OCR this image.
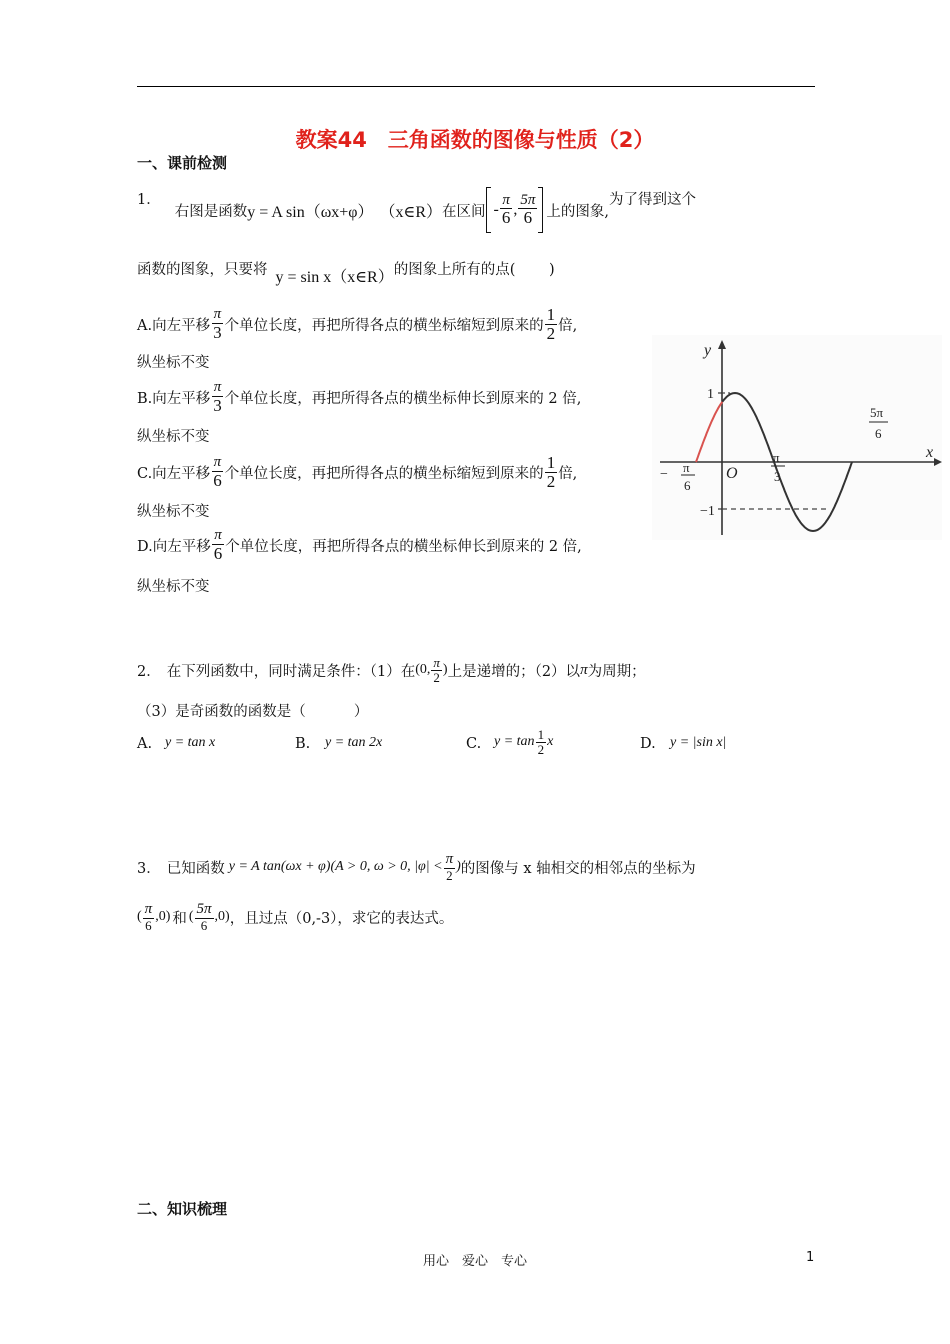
教案44　三角函数的图像与性质（2）
一、课前检测
1．
右图是函数 y = A sin（ωx+φ） （x∈R） 在区间 - $\frac{\pi}{6}$ , $\frac{5\pi}{6}$ 上的图象,
为了得到这个
函数的图象，只要将 y = sin x（x∈R） 的图象上所有的点(　　 )
A.向左平移 $\frac{\pi}{3}$ 个单位长度，再把所得各点的横坐标缩短到原来的 $\frac{1}{2}$ 倍,
纵坐标不变
B.向左平移 $\frac{\pi}{3}$ 个单位长度，再把所得各点的横坐标伸长到原来的 2 倍,
纵坐标不变
C.向左平移 $\frac{\pi}{6}$ 个单位长度，再把所得各点的横坐标缩短到原来的 $\frac{1}{2}$ 倍,
纵坐标不变
D.向左平移 $\frac{\pi}{6}$ 个单位长度，再把所得各点的横坐标伸长到原来的 2 倍,
纵坐标不变
y
x
O
1
−1
− π
6
π
3
5π
6
2． 在下列函数中，同时满足条件：（1）在 (0, $\frac{\pi}{2}$ ) 上是递增的；（2）以 π 为周期；
（3）是奇函数的函数是（　　　 ）
A. y = tan x	B. y = tan 2x	C. $y = \tan \frac{1}{2}$ x	D. y = |sin x|
3． 已知函数 y = A tan(ωx + φ)(A > 0, ω > 0, $|\varphi| < \frac{\pi}{2}$ ) 的图像与 x 轴相交的相邻点的坐标为
( $\frac{\pi}{6} ,0$) 和 ( $\frac{5\pi}{6} ,0$) ，且过点（0,-3），求它的表达式。
二、知识梳理
用心　爱心　专心	1
